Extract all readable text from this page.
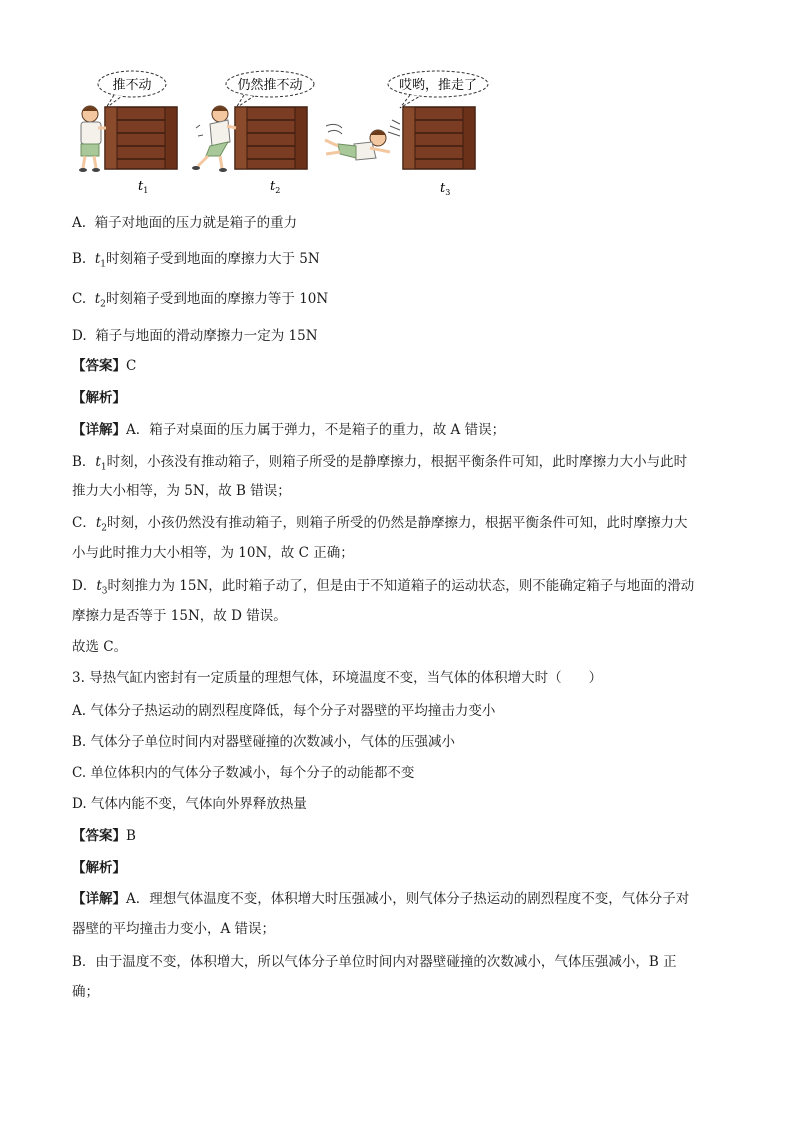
推不动
$t_1$
仍然推不动
$t_2$
哎哟，推走了
$t_3$
A. 箱子对地面的压力就是箱子的重力
B. $t_1$时刻箱子受到地面的摩擦力大于 5N
C. $t_2$时刻箱子受到地面的摩擦力等于 10N
D. 箱子与地面的滑动摩擦力一定为 15N
【答案】C
【解析】
【详解】A．箱子对桌面的压力属于弹力，不是箱子的重力，故 A 错误；
B．$t_1$时刻，小孩没有推动箱子，则箱子所受的是静摩擦力，根据平衡条件可知，此时摩擦力大小与此时
推力大小相等，为 5N，故 B 错误；
C．$t_2$时刻，小孩仍然没有推动箱子，则箱子所受的仍然是静摩擦力，根据平衡条件可知，此时摩擦力大
小与此时推力大小相等，为 10N，故 C 正确；
D．$t_3$时刻推力为 15N，此时箱子动了，但是由于不知道箱子的运动状态，则不能确定箱子与地面的滑动
摩擦力是否等于 15N，故 D 错误。
故选 C。
3. 导热气缸内密封有一定质量的理想气体，环境温度不变，当气体的体积增大时（　　）
A. 气体分子热运动的剧烈程度降低，每个分子对器壁的平均撞击力变小
B. 气体分子单位时间内对器壁碰撞的次数减小，气体的压强减小
C. 单位体积内的气体分子数减小，每个分子的动能都不变
D. 气体内能不变，气体向外界释放热量
【答案】B
【解析】
【详解】A．理想气体温度不变，体积增大时压强减小，则气体分子热运动的剧烈程度不变，气体分子对
器壁的平均撞击力变小，A 错误；
B．由于温度不变，体积增大，所以气体分子单位时间内对器壁碰撞的次数减小，气体压强减小，B 正
确；
